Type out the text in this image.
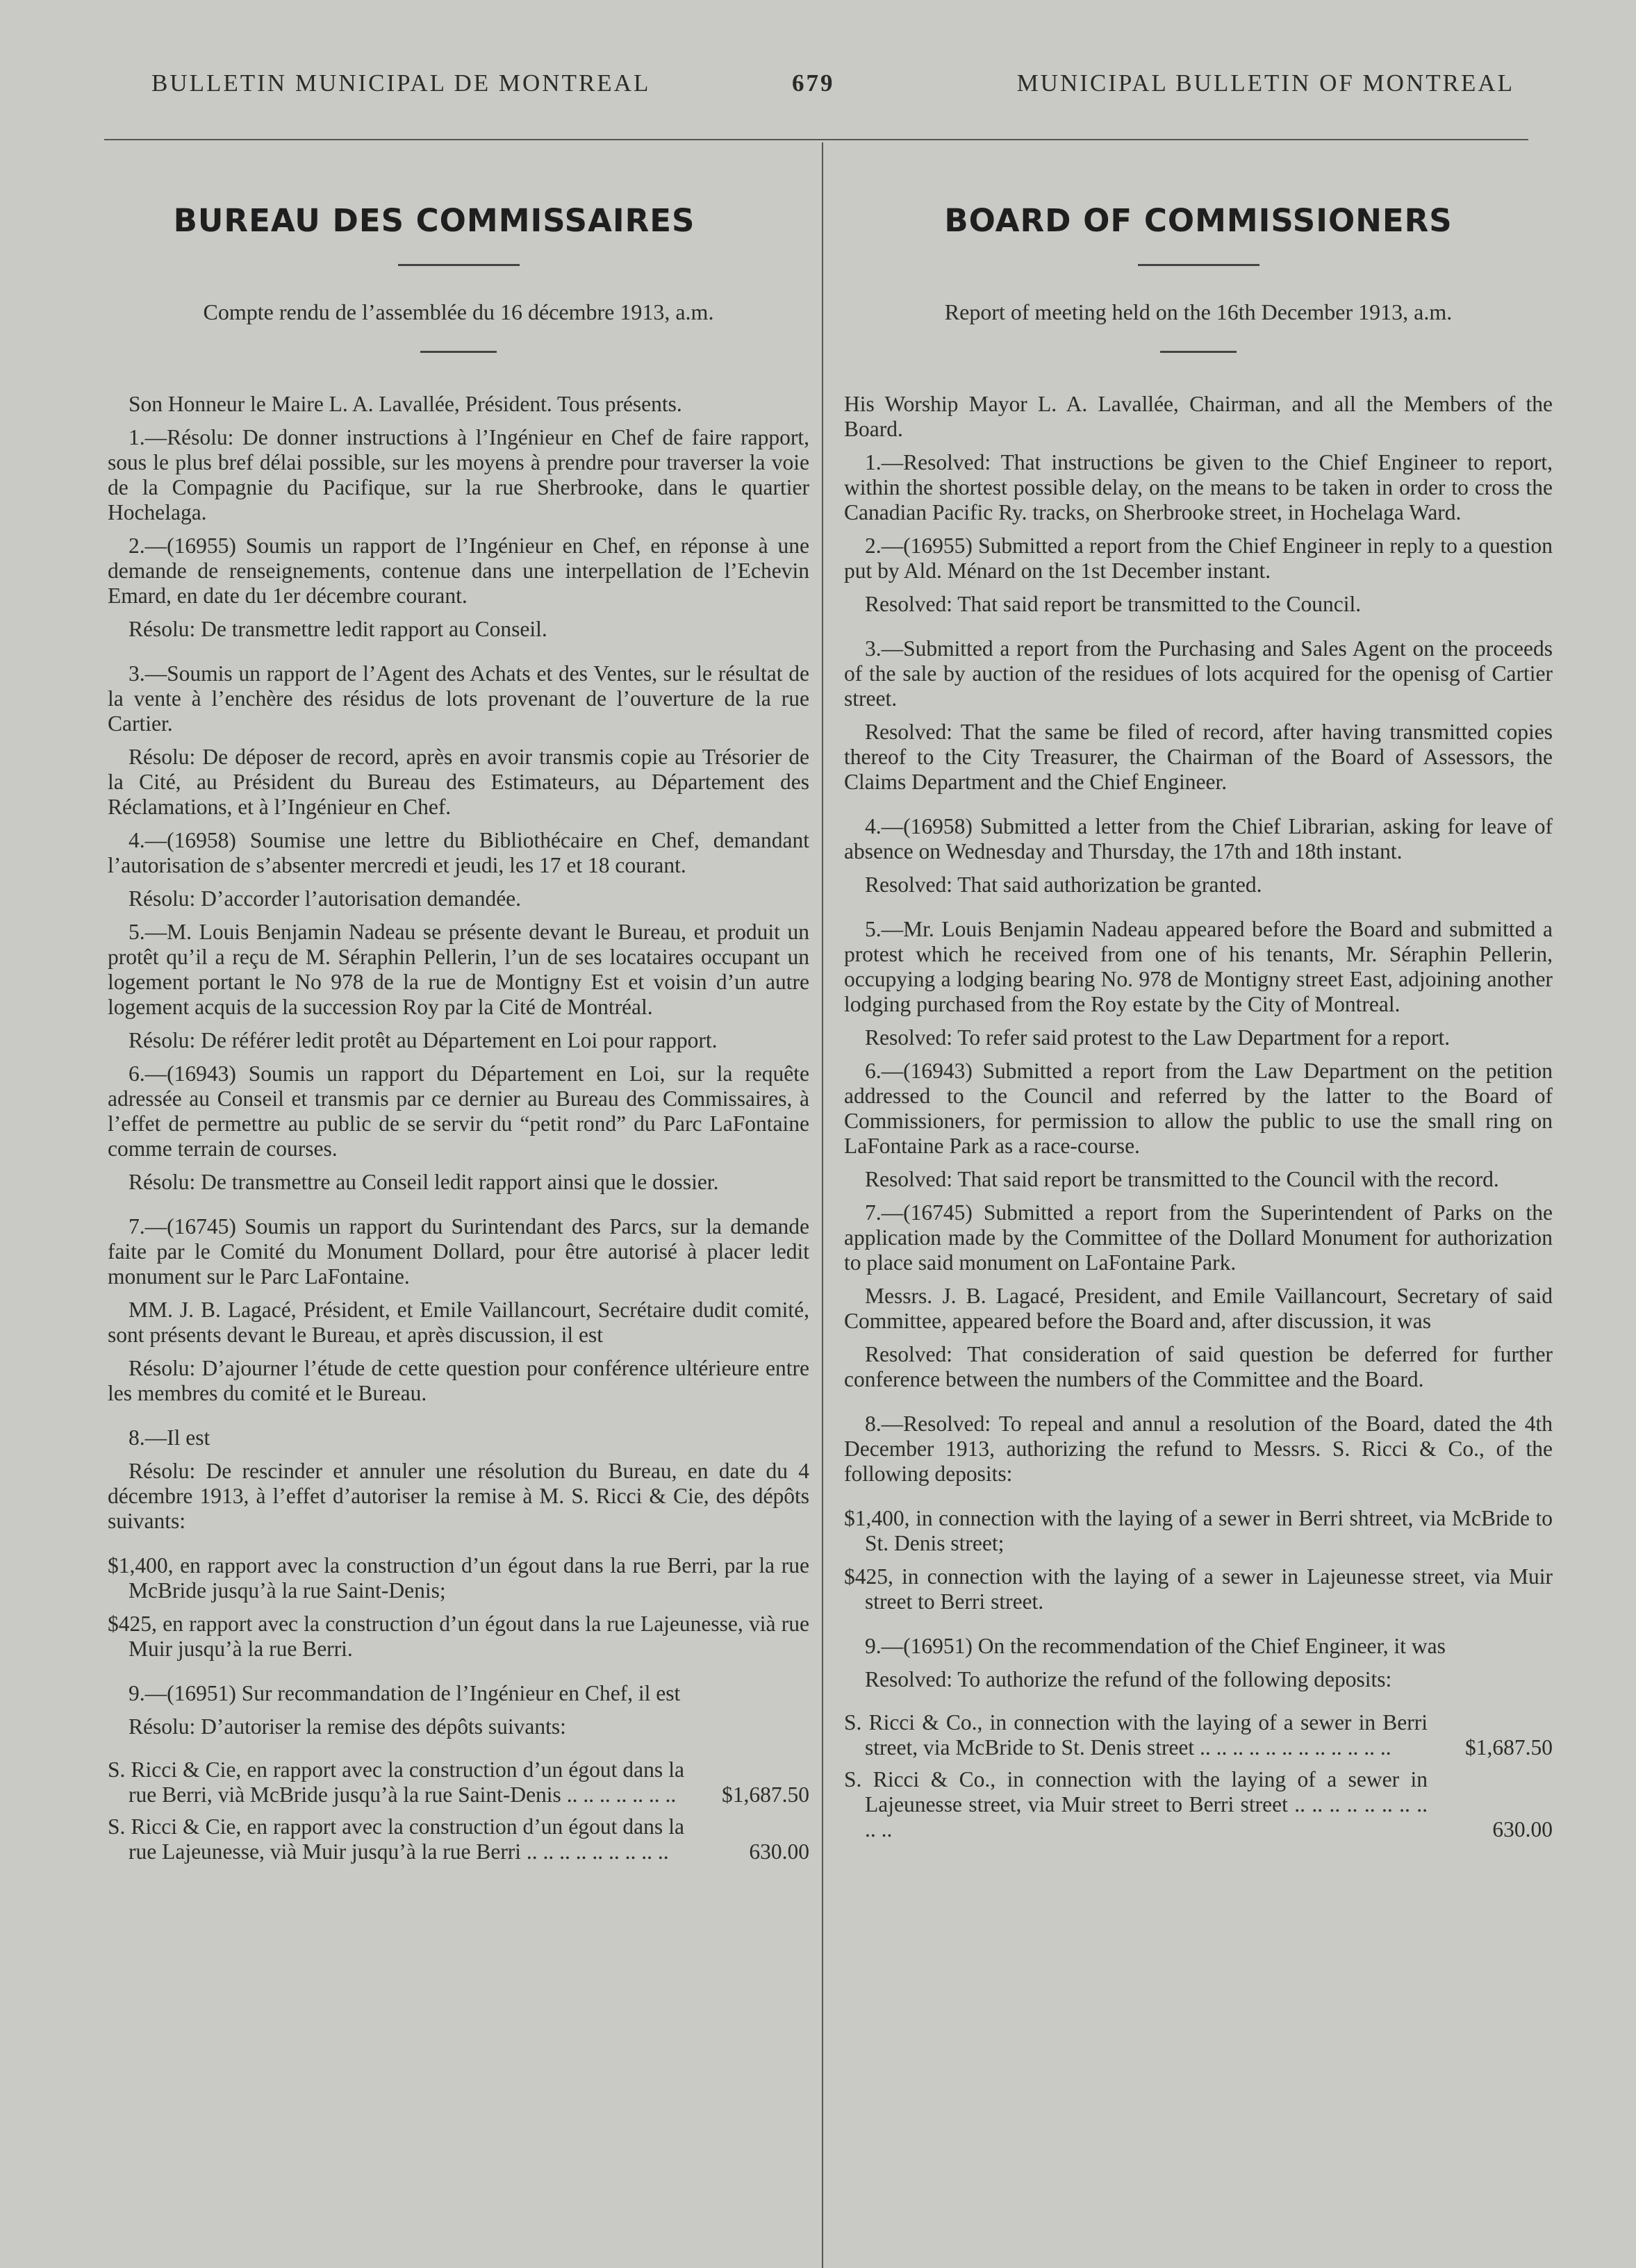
BULLETIN MUNICIPAL DE MONTREAL	679	MUNICIPAL BULLETIN OF MONTREAL
BUREAU DES COMMISSAIRES
Compte rendu de l’assemblée du 16 décembre 1913, a.m.

Son Honneur le Maire L. A. Lavallée, Président. Tous présents.

1.—Résolu: De donner instructions à l’Ingénieur en Chef de faire rapport, sous le plus bref délai possible, sur les moyens à prendre pour traverser la voie de la Compagnie du Pacifique, sur la rue Sherbrooke, dans le quartier Hochelaga.

2.—(16955) Soumis un rapport de l’Ingénieur en Chef, en réponse à une demande de renseignements, contenue dans une interpellation de l’Echevin Emard, en date du 1er décembre courant.

Résolu: De transmettre ledit rapport au Conseil.

3.—Soumis un rapport de l’Agent des Achats et des Ventes, sur le résultat de la vente à l’enchère des résidus de lots provenant de l’ouverture de la rue Cartier.

Résolu: De déposer de record, après en avoir transmis copie au Trésorier de la Cité, au Président du Bureau des Estimateurs, au Département des Réclamations, et à l’Ingénieur en Chef.

4.—(16958) Soumise une lettre du Bibliothécaire en Chef, demandant l’autorisation de s’absenter mercredi et jeudi, les 17 et 18 courant.

Résolu: D’accorder l’autorisation demandée.

5.—M. Louis Benjamin Nadeau se présente devant le Bureau, et produit un protêt qu’il a reçu de M. Séraphin Pellerin, l’un de ses locataires occupant un logement portant le No 978 de la rue de Montigny Est et voisin d’un autre logement acquis de la succession Roy par la Cité de Montréal.

Résolu: De référer ledit protêt au Département en Loi pour rapport.

6.—(16943) Soumis un rapport du Département en Loi, sur la requête adressée au Conseil et transmis par ce dernier au Bureau des Commissaires, à l’effet de permettre au public de se servir du “petit rond” du Parc LaFontaine comme terrain de courses.

Résolu: De transmettre au Conseil ledit rapport ainsi que le dossier.

7.—(16745) Soumis un rapport du Surintendant des Parcs, sur la demande faite par le Comité du Monument Dollard, pour être autorisé à placer ledit monument sur le Parc LaFontaine.

MM. J. B. Lagacé, Président, et Emile Vaillancourt, Secrétaire dudit comité, sont présents devant le Bureau, et après discussion, il est

Résolu: D’ajourner l’étude de cette question pour conférence ultérieure entre les membres du comité et le Bureau.

8.—Il est

Résolu: De rescinder et annuler une résolution du Bureau, en date du 4 décembre 1913, à l’effet d’autoriser la remise à M. S. Ricci & Cie, des dépôts suivants:

$1,400, en rapport avec la construction d’un égout dans la rue Berri, par la rue McBride jusqu’à la rue Saint-Denis;

$425, en rapport avec la construction d’un égout dans la rue Lajeunesse, vià rue Muir jusqu’à la rue Berri.

9.—(16951) Sur recommandation de l’Ingénieur en Chef, il est

Résolu: D’autoriser la remise des dépôts suivants:

S. Ricci & Cie, en rapport avec la construction d’un égout dans la rue Berri, vià McBride jusqu’à la rue Saint-Denis .. .. .. .. .. .. .. $1,687.50
S. Ricci & Cie, en rapport avec la construction d’un égout dans la rue Lajeunesse, vià Muir jusqu’à la rue Berri .. .. .. .. .. .. .. .. ..	630.00
BOARD OF COMMISSIONERS
Report of meeting held on the 16th December 1913, a.m.

His Worship Mayor L. A. Lavallée, Chairman, and all the Members of the Board.

1.—Resolved: That instructions be given to the Chief Engineer to report, within the shortest possible delay, on the means to be taken in order to cross the Canadian Pacific Ry. tracks, on Sherbrooke street, in Hochelaga Ward.

2.—(16955) Submitted a report from the Chief Engineer in reply to a question put by Ald. Ménard on the 1st December instant.

Resolved: That said report be transmitted to the Council.

3.—Submitted a report from the Purchasing and Sales Agent on the proceeds of the sale by auction of the residues of lots acquired for the openisg of Cartier street.

Resolved: That the same be filed of record, after having transmitted copies thereof to the City Treasurer, the Chairman of the Board of Assessors, the Claims Department and the Chief Engineer.

4.—(16958) Submitted a letter from the Chief Librarian, asking for leave of absence on Wednesday and Thursday, the 17th and 18th instant.

Resolved: That said authorization be granted.

5.—Mr. Louis Benjamin Nadeau appeared before the Board and submitted a protest which he received from one of his tenants, Mr. Séraphin Pellerin, occupying a lodging bearing No. 978 de Montigny street East, adjoining another lodging purchased from the Roy estate by the City of Montreal.

Resolved: To refer said protest to the Law Department for a report.

6.—(16943) Submitted a report from the Law Department on the petition addressed to the Council and referred by the latter to the Board of Commissioners, for permission to allow the public to use the small ring on LaFontaine Park as a race-course.

Resolved: That said report be transmitted to the Council with the record.

7.—(16745) Submitted a report from the Superintendent of Parks on the application made by the Committee of the Dollard Monument for authorization to place said monument on LaFontaine Park.

Messrs. J. B. Lagacé, President, and Emile Vaillancourt, Secretary of said Committee, appeared before the Board and, after discussion, it was

Resolved: That consideration of said question be deferred for further conference between the numbers of the Committee and the Board.

8.—Resolved: To repeal and annul a resolution of the Board, dated the 4th December 1913, authorizing the refund to Messrs. S. Ricci & Co., of the following deposits:

$1,400, in connection with the laying of a sewer in Berri shtreet, via McBride to St. Denis street;

$425, in connection with the laying of a sewer in Lajeunesse street, via Muir street to Berri street.

9.—(16951) On the recommendation of the Chief Engineer, it was

Resolved: To authorize the refund of the following deposits:

S. Ricci & Co., in connection with the laying of a sewer in Berri street, via McBride to St. Denis street .. .. .. .. .. .. .. .. .. .. .. ..	$1,687.50
S. Ricci & Co., in connection with the laying of a sewer in Lajeunesse street, via Muir street to Berri street .. .. .. .. .. .. .. .. .. ..	630.00
